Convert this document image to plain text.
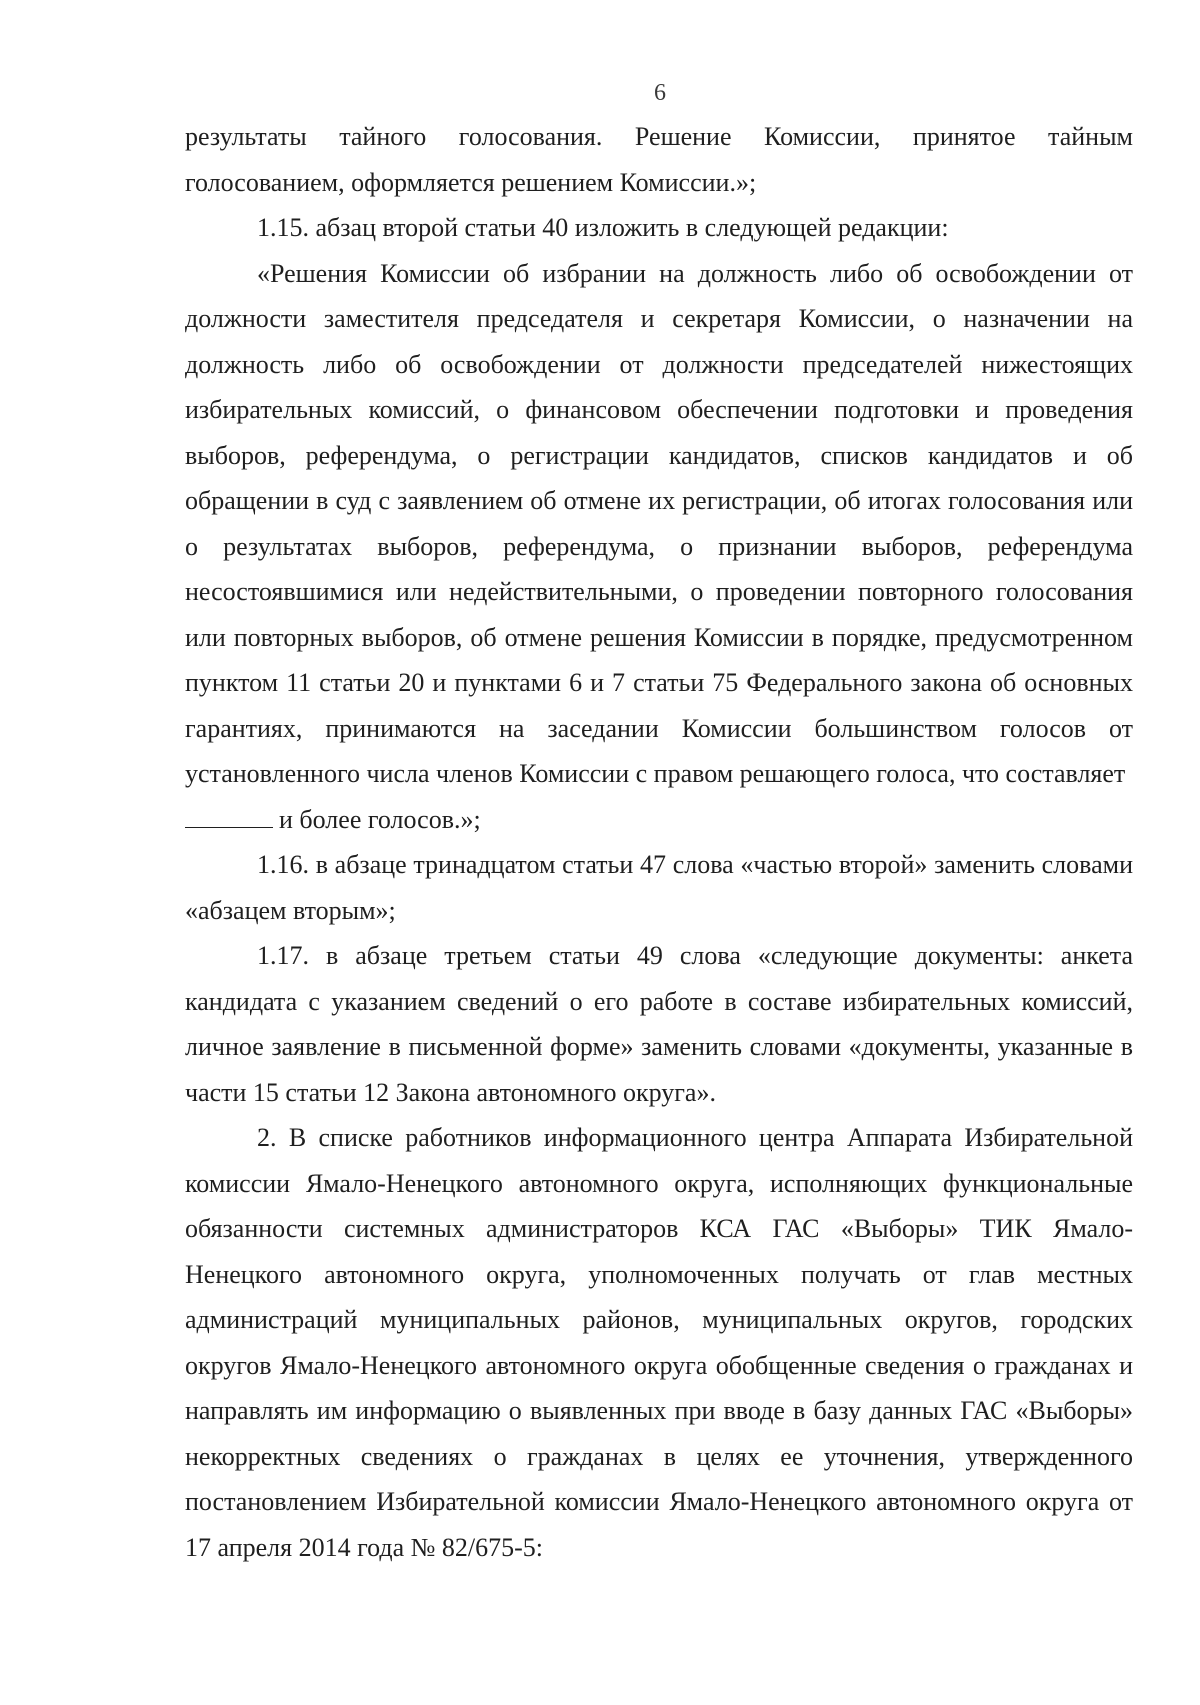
6

результаты тайного голосования. Решение Комиссии, принятое тайным голосованием, оформляется решением Комиссии.»;

1.15. абзац второй статьи 40 изложить в следующей редакции:

«Решения Комиссии об избрании на должность либо об освобождении от должности заместителя председателя и секретаря Комиссии, о назначении на должность либо об освобождении от должности председателей нижестоящих избирательных комиссий, о финансовом обеспечении подготовки и проведения выборов, референдума, о регистрации кандидатов, списков кандидатов и об обращении в суд с заявлением об отмене их регистрации, об итогах голосования или о результатах выборов, референдума, о признании выборов, референдума несостоявшимися или недействительными, о проведении повторного голосования или повторных выборов, об отмене решения Комиссии в порядке, предусмотренном пунктом 11 статьи 20 и пунктами 6 и 7 статьи 75 Федерального закона об основных гарантиях, принимаются на заседании Комиссии большинством голосов от установленного числа членов Комиссии с правом решающего голоса, что составляет

и более голосов.»;

1.16. в абзаце тринадцатом статьи 47 слова «частью второй» заменить словами «абзацем вторым»;

1.17. в абзаце третьем статьи 49 слова «следующие документы: анкета кандидата с указанием сведений о его работе в составе избирательных комиссий, личное заявление в письменной форме» заменить словами «документы, указанные в части 15 статьи 12 Закона автономного округа».

2. В списке работников информационного центра Аппарата Избирательной комиссии Ямало-Ненецкого автономного округа, исполняющих функциональные обязанности системных администраторов КСА ГАС «Выборы» ТИК Ямало-Ненецкого автономного округа, уполномоченных получать от глав местных администраций муниципальных районов, муниципальных округов, городских округов Ямало-Ненецкого автономного округа обобщенные сведения о гражданах и направлять им информацию о выявленных при вводе в базу данных ГАС «Выборы» некорректных сведениях о гражданах в целях ее уточнения, утвержденного постановлением Избирательной комиссии Ямало-Ненецкого автономного округа от 17 апреля 2014 года № 82/675-5:
